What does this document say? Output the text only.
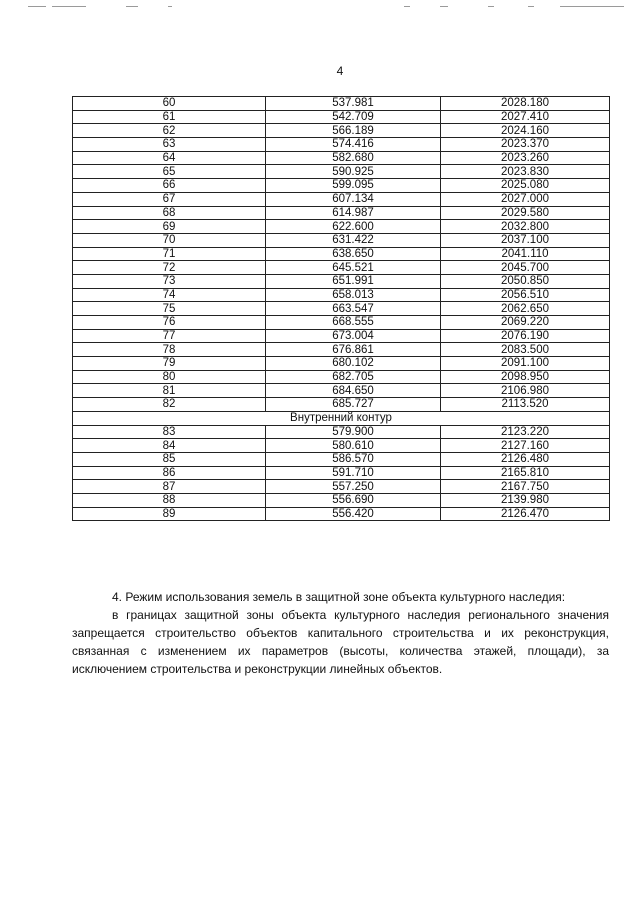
4
60	537.981	2028.180
61	542.709	2027.410
62	566.189	2024.160
63	574.416	2023.370
64	582.680	2023.260
65	590.925	2023.830
66	599.095	2025.080
67	607.134	2027.000
68	614.987	2029.580
69	622.600	2032.800
70	631.422	2037.100
71	638.650	2041.110
72	645.521	2045.700
73	651.991	2050.850
74	658.013	2056.510
75	663.547	2062.650
76	668.555	2069.220
77	673.004	2076.190
78	676.861	2083.500
79	680.102	2091.100
80	682.705	2098.950
81	684.650	2106.980
82	685.727	2113.520
Внутренний контур		
83	579.900	2123.220
84	580.610	2127.160
85	586.570	2126.480
86	591.710	2165.810
87	557.250	2167.750
88	556.690	2139.980
89	556.420	2126.470

4. Режим использования земель в защитной зоне объекта культурного наследия:

в границах защитной зоны объекта культурного наследия регионального значения запрещается строительство объектов капитального строительства и их реконструкция, связанная с изменением их параметров (высоты, количества этажей, площади), за исключением строительства и реконструкции линейных объектов.
